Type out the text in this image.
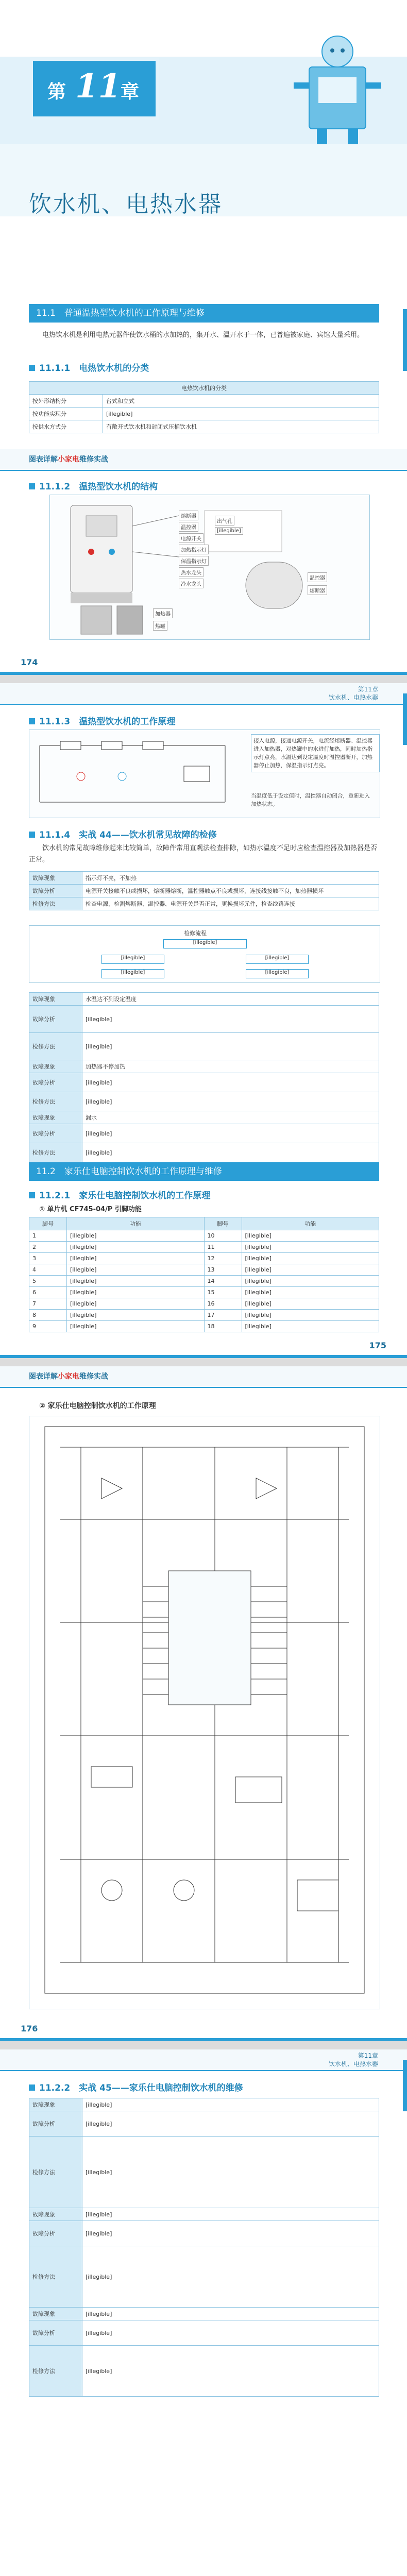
第 11
章
饮水机、电热水器
11.1　普通温热型饮水机的工作原理与维修

电热饮水机是利用电热元器件使饮水桶的水加热的，集开水、温开水于一体，已普遍被家庭、宾馆大量采用。

11.1.1　电热饮水机的分类
电热饮水机的分类	
按外形结构分	台式和立式
按功能实现分	[illegible]
按供水方式分	有敞开式饮水机和封闭式压桶饮水机
图表详解小家电维修实战
11.1.2　温热型饮水机的结构
熔断器
温控器
电源开关
加热指示灯
保温指示灯
热水龙头
冷水龙头
出气孔
[illegible]
加热器
热罐
温控器
熔断器
174
第11章
饮水机、电热水器
11.1.3　温热型饮水机的工作原理
接入电源，接通电源开关，电流经熔断器、温控器进入加热器，对热罐中的水进行加热，同时加热指示灯点亮，水温达到设定温度时温控器断开，加热器停止加热，保温指示灯点亮。
当温度低于设定值时，温控器自动闭合，重新进入加热状态。
11.1.4　实战 44——饮水机常见故障的检修

饮水机的常见故障维修起来比较简单，故障件常用直观法检查排除，如热水温度不足时应检查温控器及加热器是否正常。

故障现象	指示灯不亮，不加热
故障分析	电源开关接触不良或损坏，熔断器熔断，温控器触点不良或损坏，连接线接触不良，加热器损坏
检修方法	检查电源，检测熔断器、温控器、电源开关是否正常，更换损坏元件，检查线路连接
检修流程
[illegible]
[illegible]	[illegible]
[illegible]	[illegible]
故障现象	水温达不到设定温度
故障分析	[illegible]
检修方法	[illegible]
故障现象	加热器不停加热
故障分析	[illegible]
检修方法	[illegible]
故障现象	漏水
故障分析	[illegible]
检修方法	[illegible]
11.2　家乐仕电脑控制饮水机的工作原理与维修
11.2.1　家乐仕电脑控制饮水机的工作原理
① 单片机 CF745-04/P 引脚功能
脚号	功能	脚号	功能
1	[illegible]	10	[illegible]
2	[illegible]	11	[illegible]
3	[illegible]	12	[illegible]
4	[illegible]	13	[illegible]
5	[illegible]	14	[illegible]
6	[illegible]	15	[illegible]
7	[illegible]	16	[illegible]
8	[illegible]	17	[illegible]
9	[illegible]	18	[illegible]
175
图表详解小家电维修实战
② 家乐仕电脑控制饮水机的工作原理
176
第11章
饮水机、电热水器
11.2.2　实战 45——家乐仕电脑控制饮水机的维修
故障现象	[illegible]
故障分析	[illegible]
检修方法	[illegible]
故障现象	[illegible]
故障分析	[illegible]
检修方法	[illegible]
故障现象	[illegible]
故障分析	[illegible]
检修方法	[illegible]
